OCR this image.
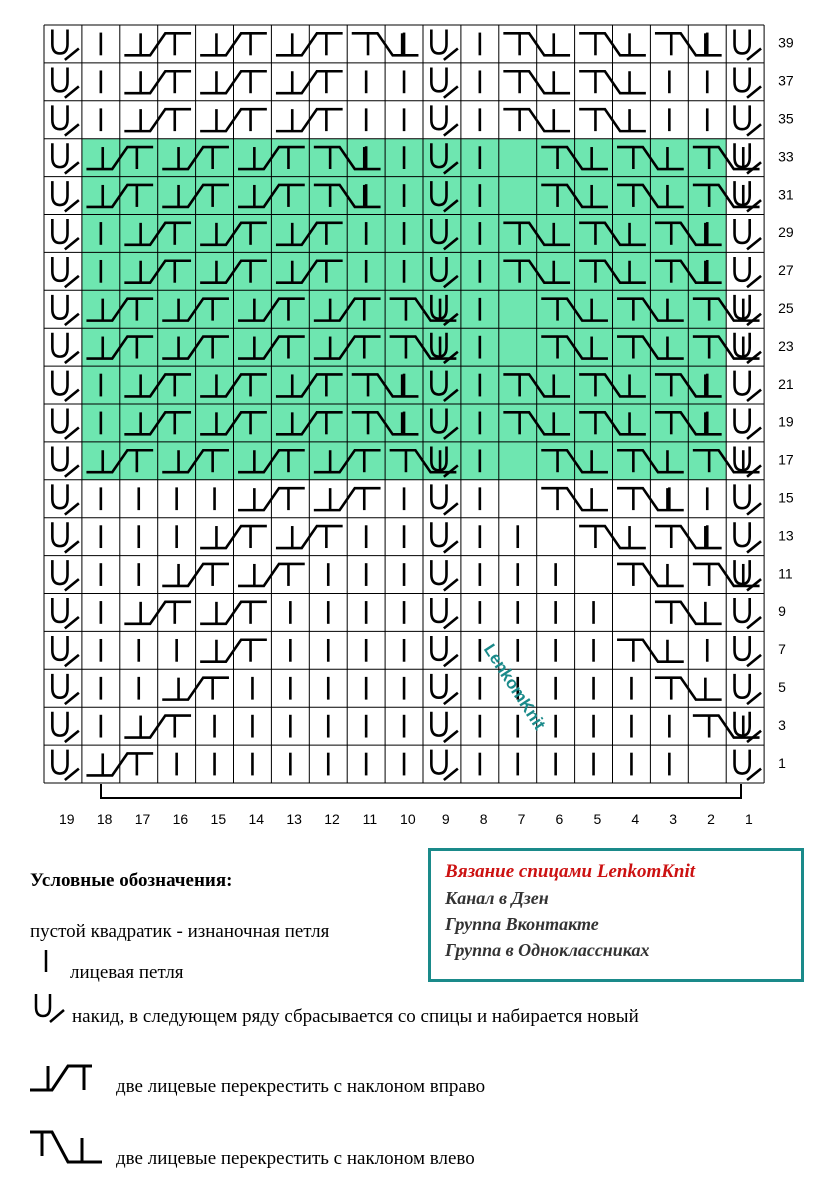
39
37
35
33
31
29
27
25
23
21
19
17
15
13
11
9
7
5
3
1
19 18 17 16 15 14 13 12 11 10 9 8 7 6 5 4 3 2 1
LenkomKnit
Условные обозначения:
пустой квадратик - изнаночная петля
лицевая петля
накид, в следующем ряду сбрасывается со спицы и набирается новый
две лицевые перекрестить с наклоном вправо
две лицевые перекрестить с наклоном влево
Вязание спицами LenkomKnit
Канал в Дзен
Группа Вконтакте
Группа в Одноклассниках
